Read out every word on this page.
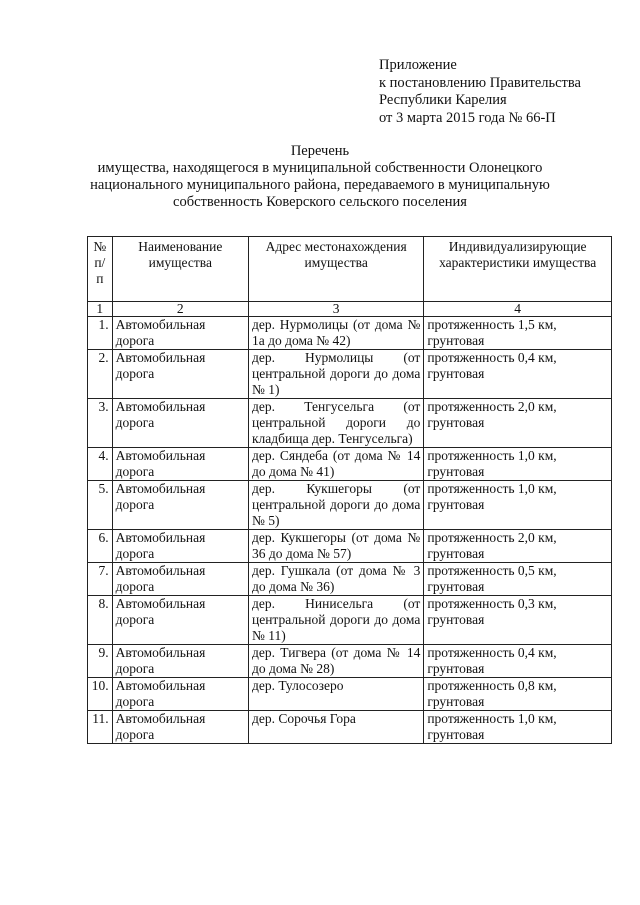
Приложение
к постановлению Правительства
Республики Карелия
от 3 марта 2015 года № 66-П
Перечень
имущества, находящегося в муниципальной собственности Олонецкого национального муниципального района, передаваемого в муниципальную собственность Коверского сельского поселения
№ п/п	Наименование имущества	Адрес местонахождения имущества	Индивидуализирующие характеристики имущества
1	2	3	4
1.	Автомобильная дорога	дер. Нурмолицы (от дома № 1а до дома № 42)	протяженность 1,5 км, грунтовая
2.	Автомобильная дорога	дер. Нурмолицы (от центральной дороги до дома № 1)	протяженность 0,4 км, грунтовая
3.	Автомобильная дорога	дер. Тенгусельга (от центральной дороги до кладбища дер. Тенгусельга)	протяженность 2,0 км, грунтовая
4.	Автомобильная дорога	дер. Сяндеба (от дома № 14 до дома № 41)	протяженность 1,0 км, грунтовая
5.	Автомобильная дорога	дер. Кукшегоры (от центральной дороги до дома № 5)	протяженность 1,0 км, грунтовая
6.	Автомобильная дорога	дер. Кукшегоры (от дома № 36 до дома № 57)	протяженность 2,0 км, грунтовая
7.	Автомобильная дорога	дер. Гушкала (от дома № 3 до дома № 36)	протяженность 0,5 км, грунтовая
8.	Автомобильная дорога	дер. Нинисельга (от центральной дороги до дома № 11)	протяженность 0,3 км, грунтовая
9.	Автомобильная дорога	дер. Тигвера (от дома № 14 до дома № 28)	протяженность 0,4 км, грунтовая
10.	Автомобильная дорога	дер. Тулосозеро	протяженность 0,8 км, грунтовая
11.	Автомобильная дорога	дер. Сорочья Гора	протяженность 1,0 км, грунтовая
